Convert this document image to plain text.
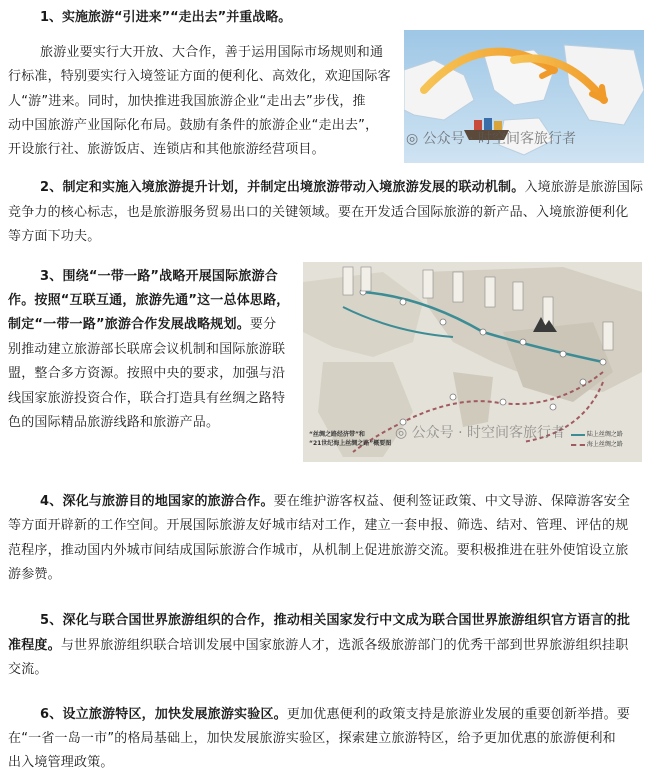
1、实施旅游“引进来”“走出去”并重战略。
旅游业要实行大开放、大合作，善于运用国际市场规则和通
行标准，特别要实行入境签证方面的便利化、高效化，欢迎国际客
人“游”进来。同时，加快推进我国旅游企业“走出去”步伐，推
动中国旅游产业国际化布局。鼓励有条件的旅游企业“走出去”，
开设旅行社、旅游饭店、连锁店和其他旅游经营项目。
◎ 公众号 · 时空间客旅行者
2、制定和实施入境旅游提升计划，并制定出境旅游带动入境旅游发展的联动机制。入境旅游是旅游国际
竞争力的核心标志，也是旅游服务贸易出口的关键领域。要在开发适合国际旅游的新产品、入境旅游便利化
等方面下功夫。
3、围绕“一带一路”战略开展国际旅游合
作。按照“互联互通，旅游先通”这一总体思路，
制定“一带一路”旅游合作发展战略规划。要分
别推动建立旅游部长联席会议机制和国际旅游联
盟，整合多方资源。按照中央的要求，加强与沿
线国家旅游投资合作，联合打造具有丝绸之路特
色的国际精品旅游线路和旅游产品。
“丝绸之路经济带”和
“21世纪海上丝绸之路”概要图
陆上丝绸之路
海上丝绸之路
◎ 公众号 · 时空间客旅行者
4、深化与旅游目的地国家的旅游合作。要在维护游客权益、便利签证政策、中文导游、保障游客安全
等方面开辟新的工作空间。开展国际旅游友好城市结对工作，建立一套申报、筛选、结对、管理、评估的规
范程序，推动国内外城市间结成国际旅游合作城市，从机制上促进旅游交流。要积极推进在驻外使馆设立旅
游参赞。
5、深化与联合国世界旅游组织的合作，推动相关国家发行中文成为联合国世界旅游组织官方语言的批
准程度。与世界旅游组织联合培训发展中国家旅游人才，选派各级旅游部门的优秀干部到世界旅游组织挂职
交流。
6、设立旅游特区，加快发展旅游实验区。更加优惠便利的政策支持是旅游业发展的重要创新举措。要
在“一省一岛一市”的格局基础上，加快发展旅游实验区，探索建立旅游特区，给予更加优惠的旅游便利和
出入境管理政策。
